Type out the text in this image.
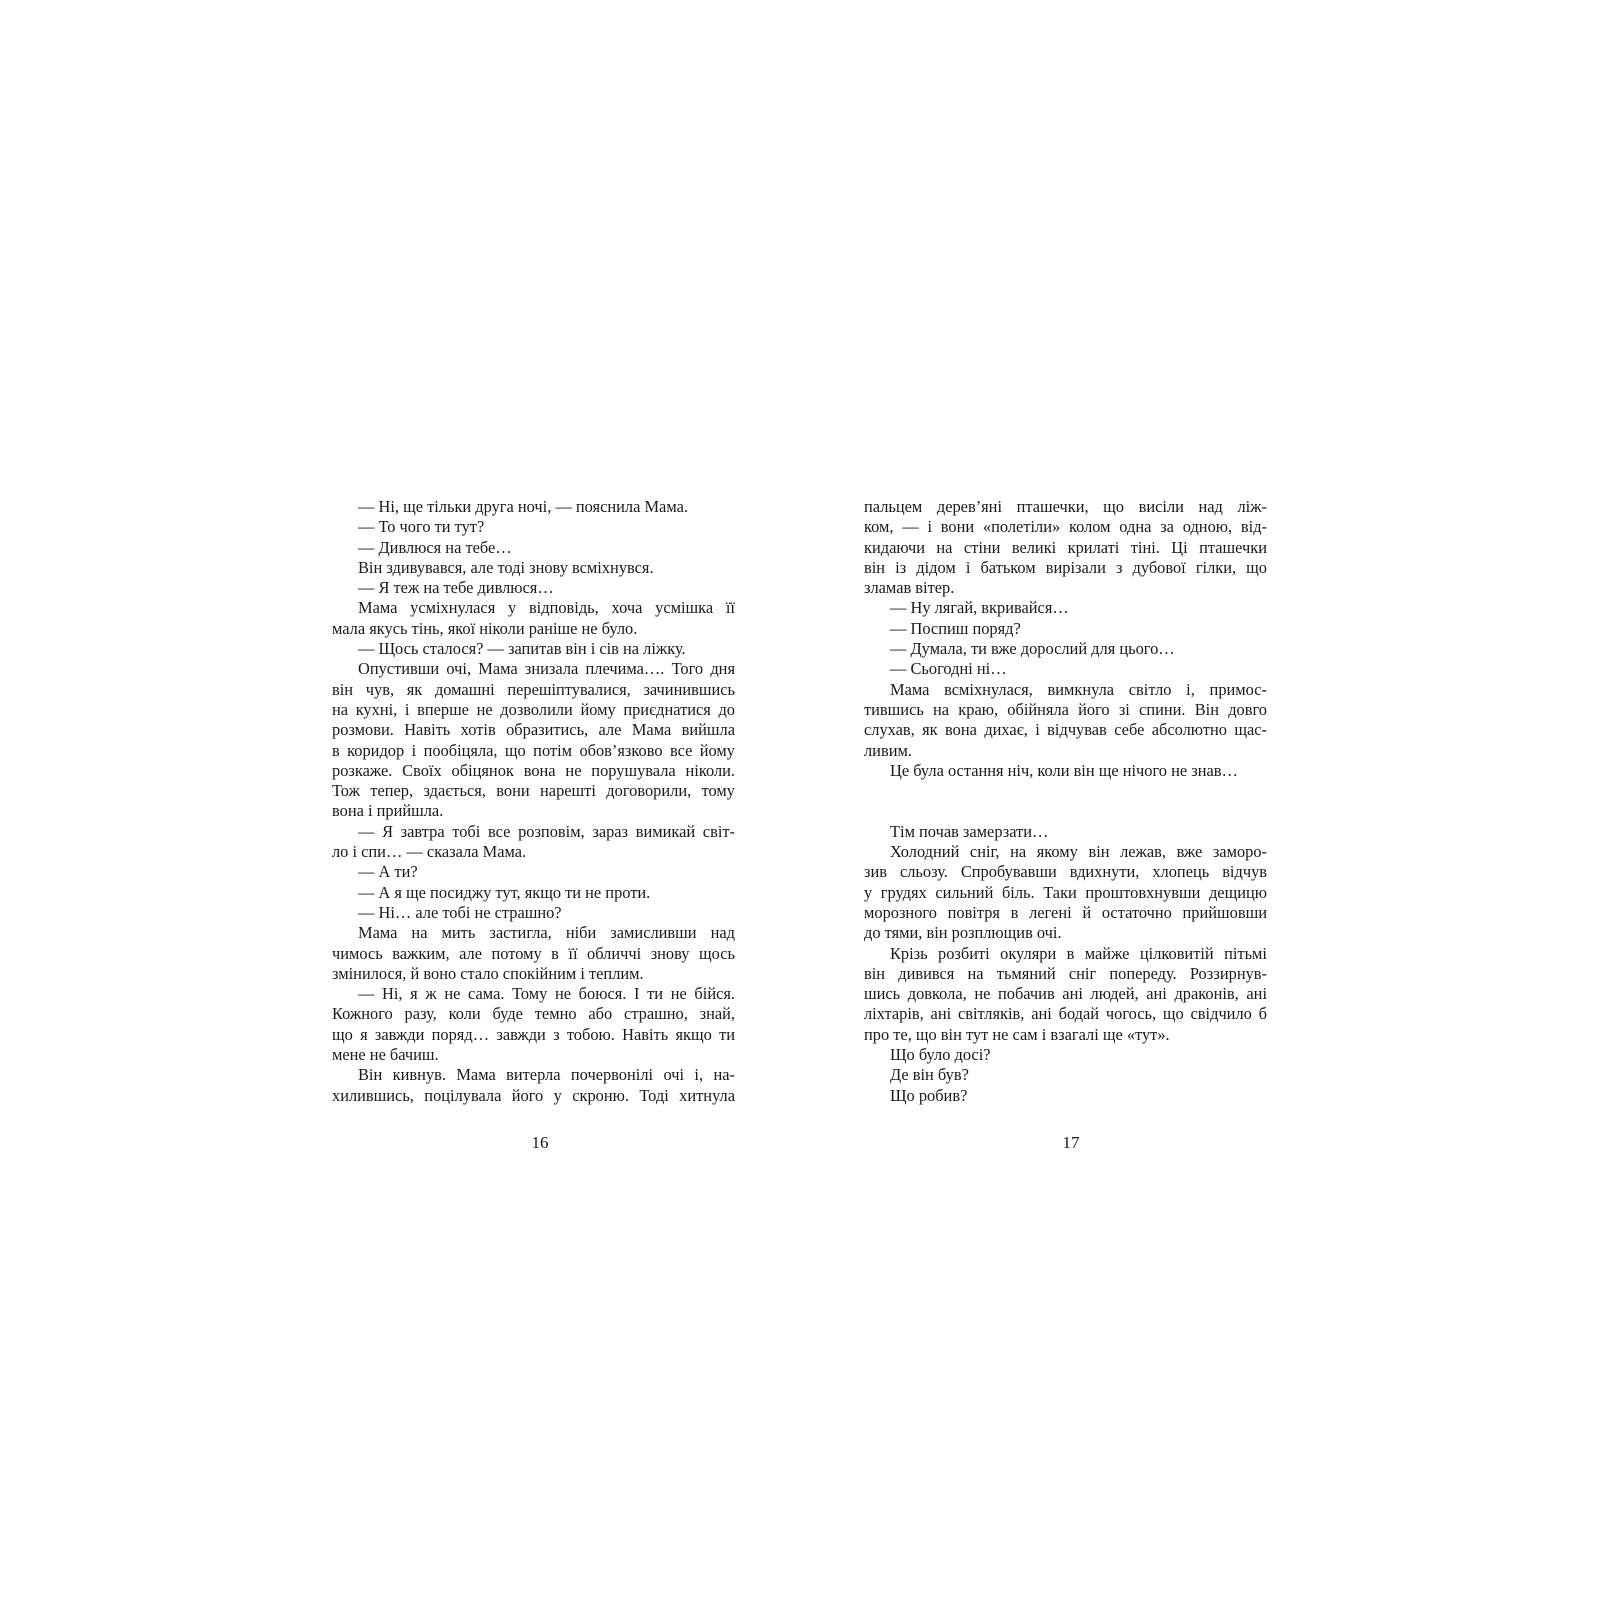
— Ні, ще тільки друга ночі, — пояснила Мама.
— То чого ти тут?
— Дивлюся на тебе…
Він здивувався, але тоді знову всміхнувся.
— Я теж на тебе дивлюся…
Мама усміхнулася у відповідь, хоча усмішка її
мала якусь тінь, якої ніколи раніше не було.
— Щось сталося? — запитав він і сів на ліжку.
Опустивши очі, Мама знизала плечима…. Того дня
він чув, як домашні перешіптувалися, зачинившись
на кухні, і вперше не дозволили йому приєднатися до
розмови. Навіть хотів образитись, але Мама вийшла
в коридор і пообіцяла, що потім обов’язково все йому
розкаже. Своїх обіцянок вона не порушувала ніколи.
Тож тепер, здається, вони нарешті договорили, тому
вона і прийшла.
— Я завтра тобі все розповім, зараз вимикай світ-
ло і спи… — сказала Мама.
— А ти?
— А я ще посиджу тут, якщо ти не проти.
— Ні… але тобі не страшно?
Мама на мить застигла, ніби замисливши над
чимось важким, але потому в її обличчі знову щось
змінилося, й воно стало спокійним і теплим.
— Ні, я ж не сама. Тому не боюся. І ти не бійся.
Кожного разу, коли буде темно або страшно, знай,
що я завжди поряд… завжди з тобою. Навіть якщо ти
мене не бачиш.
Він кивнув. Мама витерла почервонілі очі і, на-
хилившись, поцілувала його у скроню. Тоді хитнула
16
пальцем дерев’яні пташечки, що висіли над ліж-
ком, — і вони «полетіли» колом одна за одною, від-
кидаючи на стіни великі крилаті тіні. Ці пташечки
він із дідом і батьком вирізали з дубової гілки, що
зламав вітер.
— Ну лягай, вкривайся…
— Поспиш поряд?
— Думала, ти вже дорослий для цього…
— Сьогодні ні…
Мама всміхнулася, вимкнула світло і, примос-
тившись на краю, обійняла його зі спини. Він довго
слухав, як вона дихає, і відчував себе абсолютно щас-
ливим.
Це була остання ніч, коли він ще нічого не знав…
Тім почав замерзати…
Холодний сніг, на якому він лежав, вже заморо-
зив сльозу. Спробувавши вдихнути, хлопець відчув
у грудях сильний біль. Таки проштовхнувши дещицю
морозного повітря в легені й остаточно прийшовши
до тями, він розплющив очі.
Крізь розбиті окуляри в майже цілковитій пітьмі
він дивився на тьмяний сніг попереду. Роззирнув-
шись довкола, не побачив ані людей, ані драконів, ані
ліхтарів, ані світляків, ані бодай чогось, що свідчило б
про те, що він тут не сам і взагалі ще «тут».
Що було досі?
Де він був?
Що робив?
17
